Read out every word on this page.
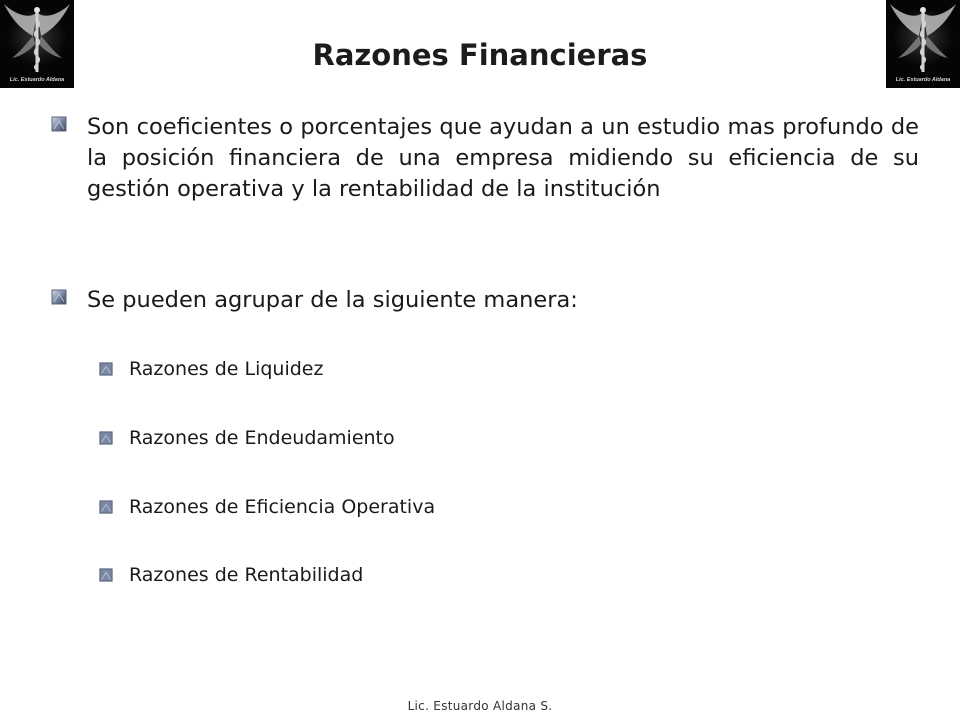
Lic. Estuardo Aldana	Lic. Estuardo Aldana
Razones Financieras

Son coeficientes o porcentajes que ayudan a un estudio mas profundo de la posición financiera de una empresa midiendo su eficiencia de su gestión operativa y la rentabilidad de la institución

Se pueden agrupar de la siguiente manera:

Razones de Liquidez
Razones de Endeudamiento
Razones de Eficiencia Operativa
Razones de Rentabilidad
Lic. Estuardo Aldana S.
